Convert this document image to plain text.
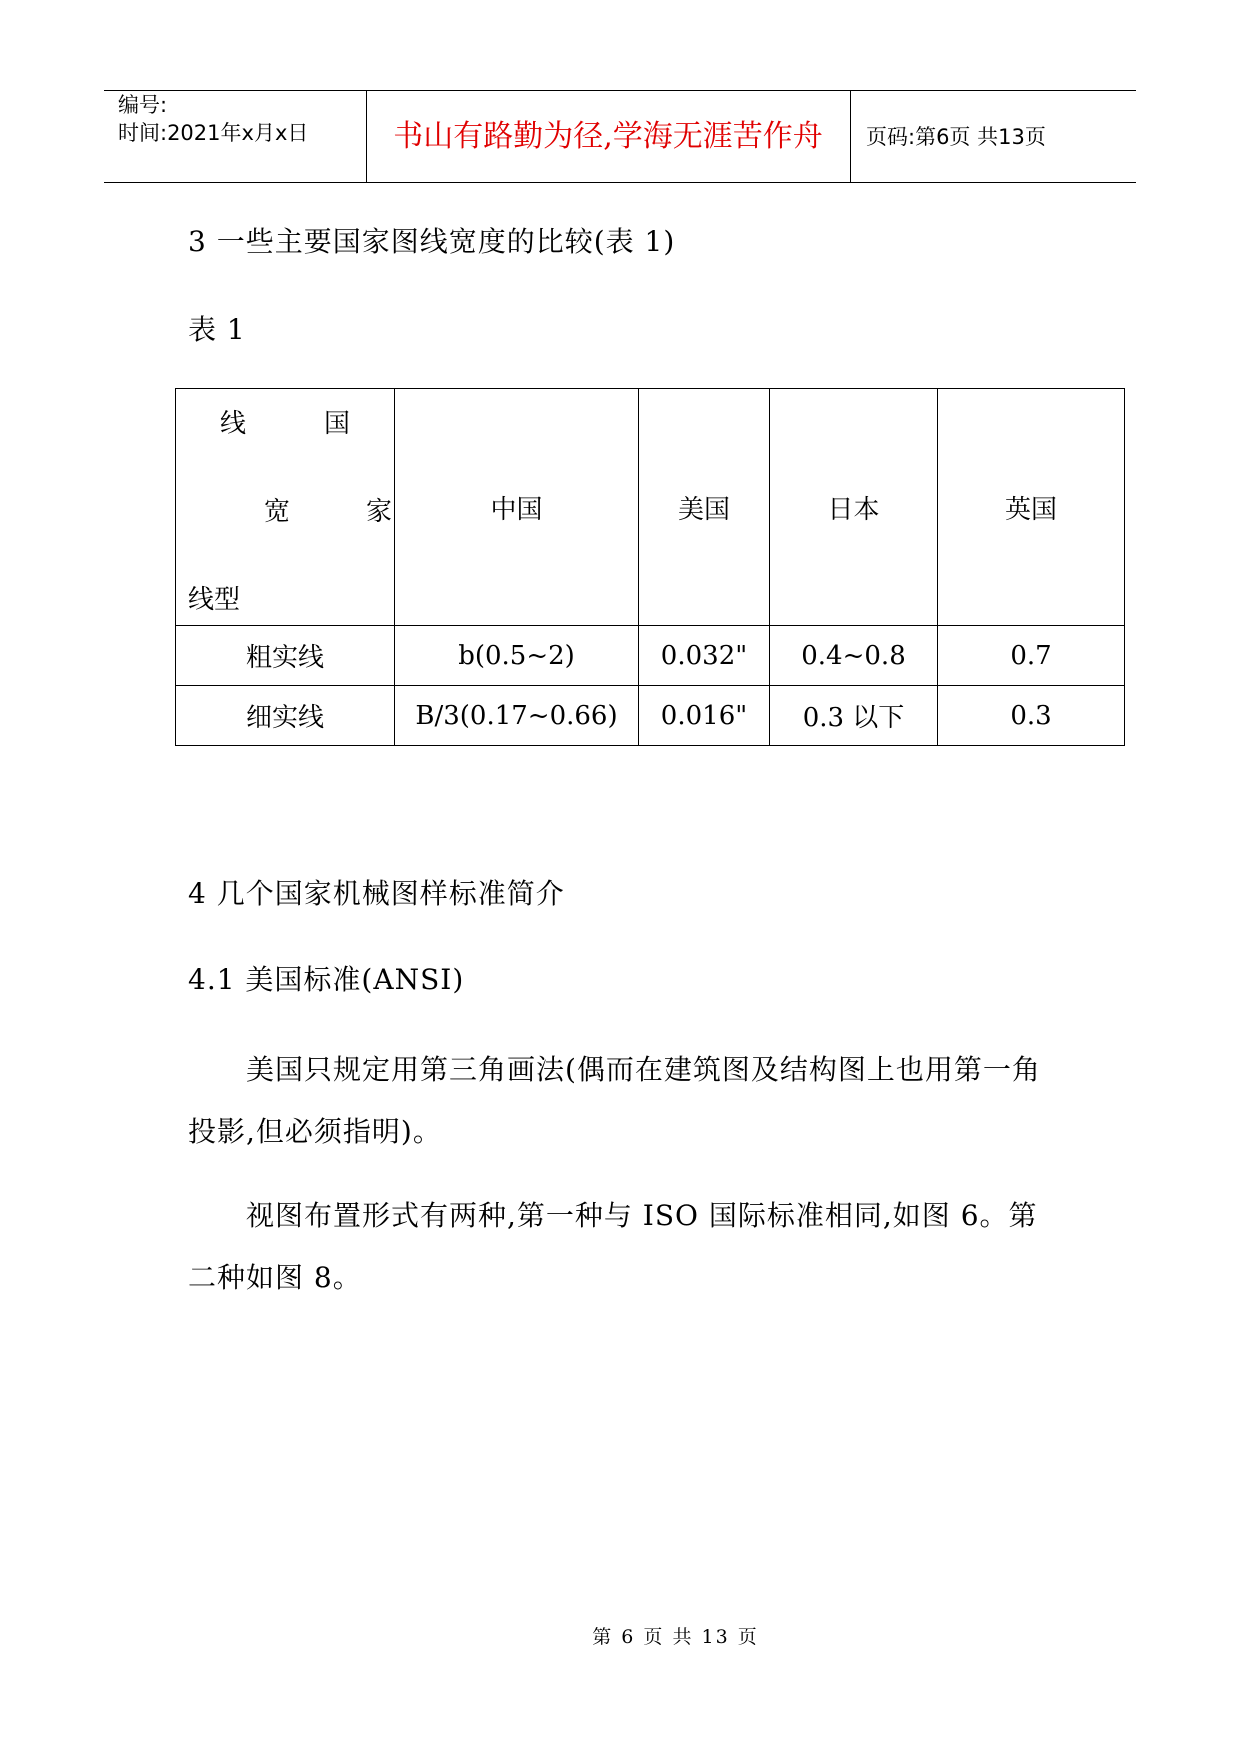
编号:
时间:2021年x月x日	书山有路勤为径,学海无涯苦作舟	页码:第6页 共13页
3 一些主要国家图线宽度的比较(表 1)
表 1
线 国
宽 家
线型	中国	美国	日本	英国
粗实线	b(0.5~2)	0.032"	0.4~0.8	0.7
细实线	B/3(0.17~0.66)	0.016"	0.3 以下	0.3
4 几个国家机械图样标准简介
4.1 美国标准(ANSI)
美国只规定用第三角画法(偶而在建筑图及结构图上也用第一角
投影,但必须指明)。
视图布置形式有两种,第一种与 ISO 国际标准相同,如图 6。第
二种如图 8。
第 6 页 共 13 页
